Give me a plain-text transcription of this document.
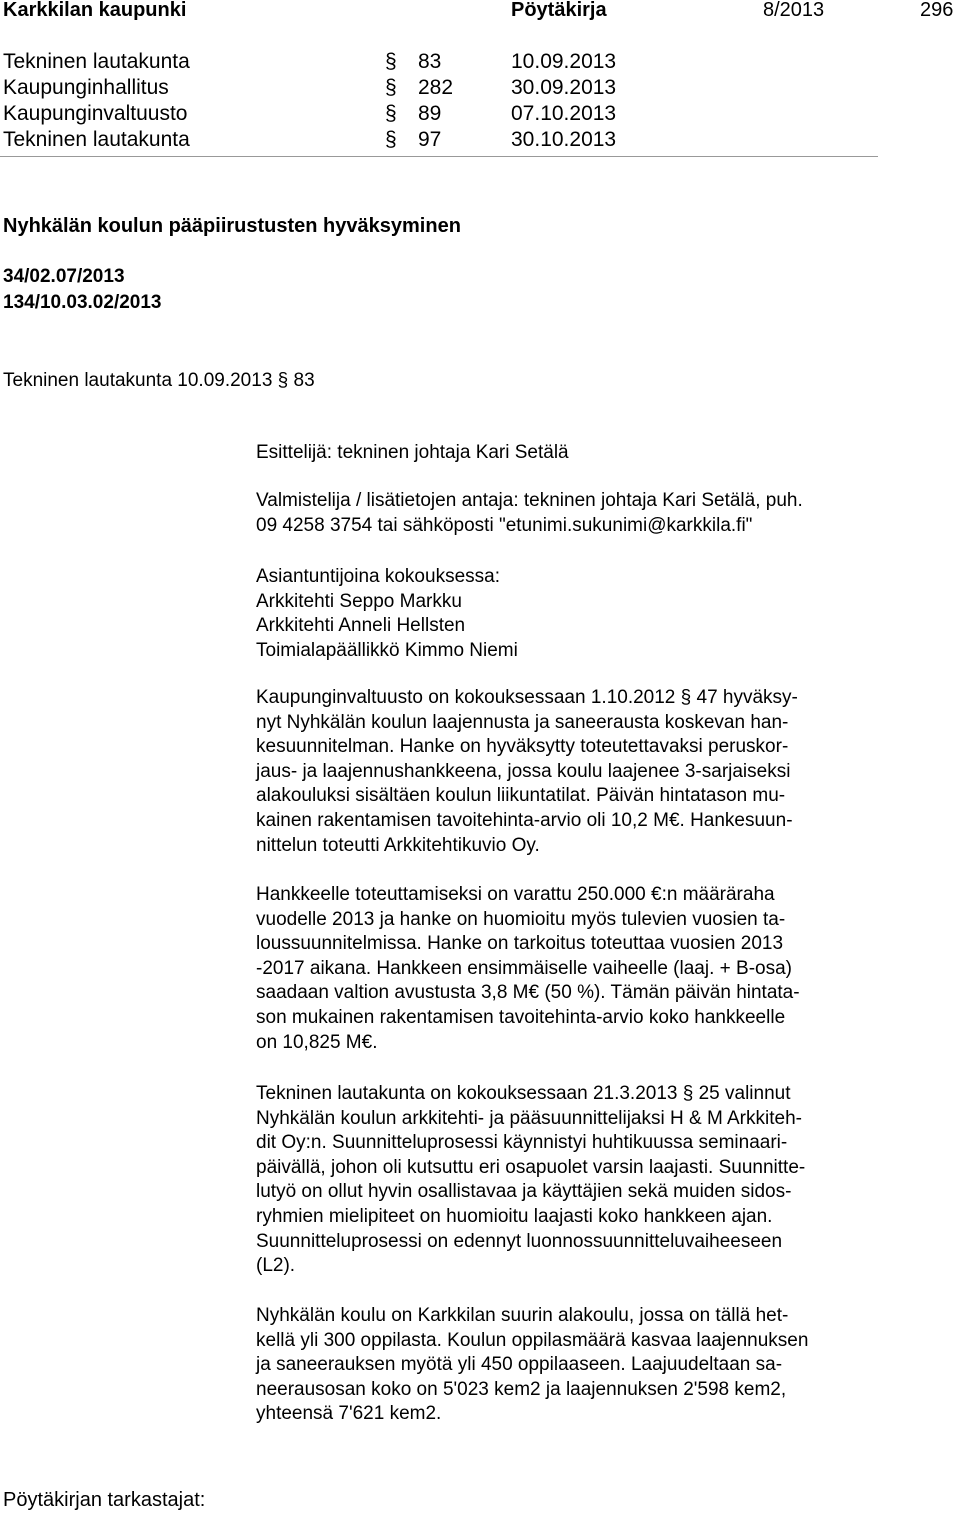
Karkkilan kaupunki	Pöytäkirja	8/2013	296
Tekninen lautakunta	§ 83	10.09.2013
Kaupunginhallitus	§ 282	30.09.2013
Kaupunginvaltuusto	§ 89	07.10.2013
Tekninen lautakunta	§ 97	30.10.2013
Nyhkälän koulun pääpiirustusten hyväksyminen
34/02.07/2013
134/10.03.02/2013
Tekninen lautakunta 10.09.2013 § 83
Esittelijä: tekninen johtaja Kari Setälä
Valmistelija / lisätietojen antaja: tekninen johtaja Kari Setälä, puh.
09 4258 3754 tai sähköposti "etunimi.sukunimi@karkkila.fi"
Asiantuntijoina kokouksessa:
Arkkitehti Seppo Markku
Arkkitehti Anneli Hellsten
Toimialapäällikkö Kimmo Niemi
Kaupunginvaltuusto on kokouksessaan 1.10.2012 § 47 hyväksy-
nyt Nyhkälän koulun laajennusta ja saneerausta koskevan han-
kesuunnitelman. Hanke on hyväksytty toteutettavaksi peruskor-
jaus- ja laajennushankkeena, jossa koulu laajenee 3-sarjaiseksi
alakouluksi sisältäen koulun liikuntatilat. Päivän hintatason mu-
kainen rakentamisen tavoitehinta-arvio oli 10,2 M€. Hankesuun-
nittelun toteutti Arkkitehtikuvio Oy.
Hankkeelle toteuttamiseksi on varattu 250.000 €:n määräraha
vuodelle 2013 ja hanke on huomioitu myös tulevien vuosien ta-
loussuunnitelmissa. Hanke on tarkoitus toteuttaa vuosien 2013
-2017 aikana. Hankkeen ensimmäiselle vaiheelle (laaj. + B-osa)
saadaan valtion avustusta 3,8 M€ (50 %). Tämän päivän hintata-
son mukainen rakentamisen tavoitehinta-arvio koko hankkeelle
on 10,825 M€.
Tekninen lautakunta on kokouksessaan 21.3.2013 § 25 valinnut
Nyhkälän koulun arkkitehti- ja pääsuunnittelijaksi H & M Arkkiteh-
dit Oy:n. Suunnitteluprosessi käynnistyi huhtikuussa seminaari-
päivällä, johon oli kutsuttu eri osapuolet varsin laajasti. Suunnitte-
lutyö on ollut hyvin osallistavaa ja käyttäjien sekä muiden sidos-
ryhmien mielipiteet on huomioitu laajasti koko hankkeen ajan.
Suunnitteluprosessi on edennyt luonnossuunnitteluvaiheeseen
(L2).
Nyhkälän koulu on Karkkilan suurin alakoulu, jossa on tällä het-
kellä yli 300 oppilasta. Koulun oppilasmäärä kasvaa laajennuksen
ja saneerauksen myötä yli 450 oppilaaseen. Laajuudeltaan sa-
neerausosan koko on 5'023 kem2 ja laajennuksen 2'598 kem2,
yhteensä 7'621 kem2.
Pöytäkirjan tarkastajat:
